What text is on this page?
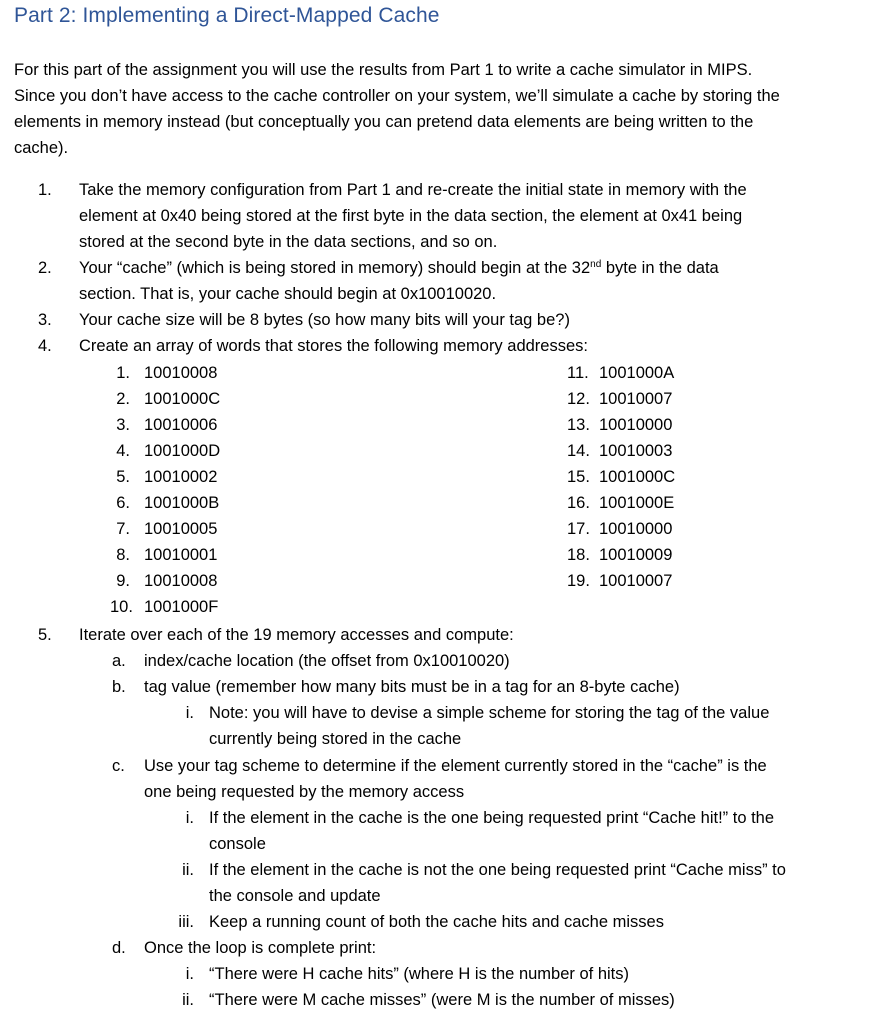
Part 2: Implementing a Direct-Mapped Cache
For this part of the assignment you will use the results from Part 1 to write a cache simulator in MIPS.
Since you don’t have access to the cache controller on your system, we’ll simulate a cache by storing the
elements in memory instead (but conceptually you can pretend data elements are being written to the
cache).
1.	Take the memory configuration from Part 1 and re-create the initial state in memory with the
element at 0x40 being stored at the first byte in the data section, the element at 0x41 being
stored at the second byte in the data sections, and so on.
2.	Your “cache” (which is being stored in memory) should begin at the 32nd byte in the data
section. That is, your cache should begin at 0x10010020.
3.	Your cache size will be 8 bytes (so how many bits will your tag be?)
4.	Create an array of words that stores the following memory addresses:
1. 10010008
2. 1001000C
3. 10010006
4. 1001000D
5. 10010002
6. 1001000B
7. 10010005
8. 10010001
9. 10010008
10. 1001000F
11. 1001000A
12. 10010007
13. 10010000
14. 10010003
15. 1001000C
16. 1001000E
17. 10010000
18. 10010009
19. 10010007
5.	Iterate over each of the 19 memory accesses and compute:
a. index/cache location (the offset from 0x10010020)
b. tag value (remember how many bits must be in a tag for an 8-byte cache)
i. Note: you will have to devise a simple scheme for storing the tag of the value
currently being stored in the cache
c. Use your tag scheme to determine if the element currently stored in the “cache” is the
one being requested by the memory access
i. If the element in the cache is the one being requested print “Cache hit!” to the
console
ii. If the element in the cache is not the one being requested print “Cache miss” to
the console and update
iii. Keep a running count of both the cache hits and cache misses
d. Once the loop is complete print:
i. “There were H cache hits” (where H is the number of hits)
ii. “There were M cache misses” (were M is the number of misses)
